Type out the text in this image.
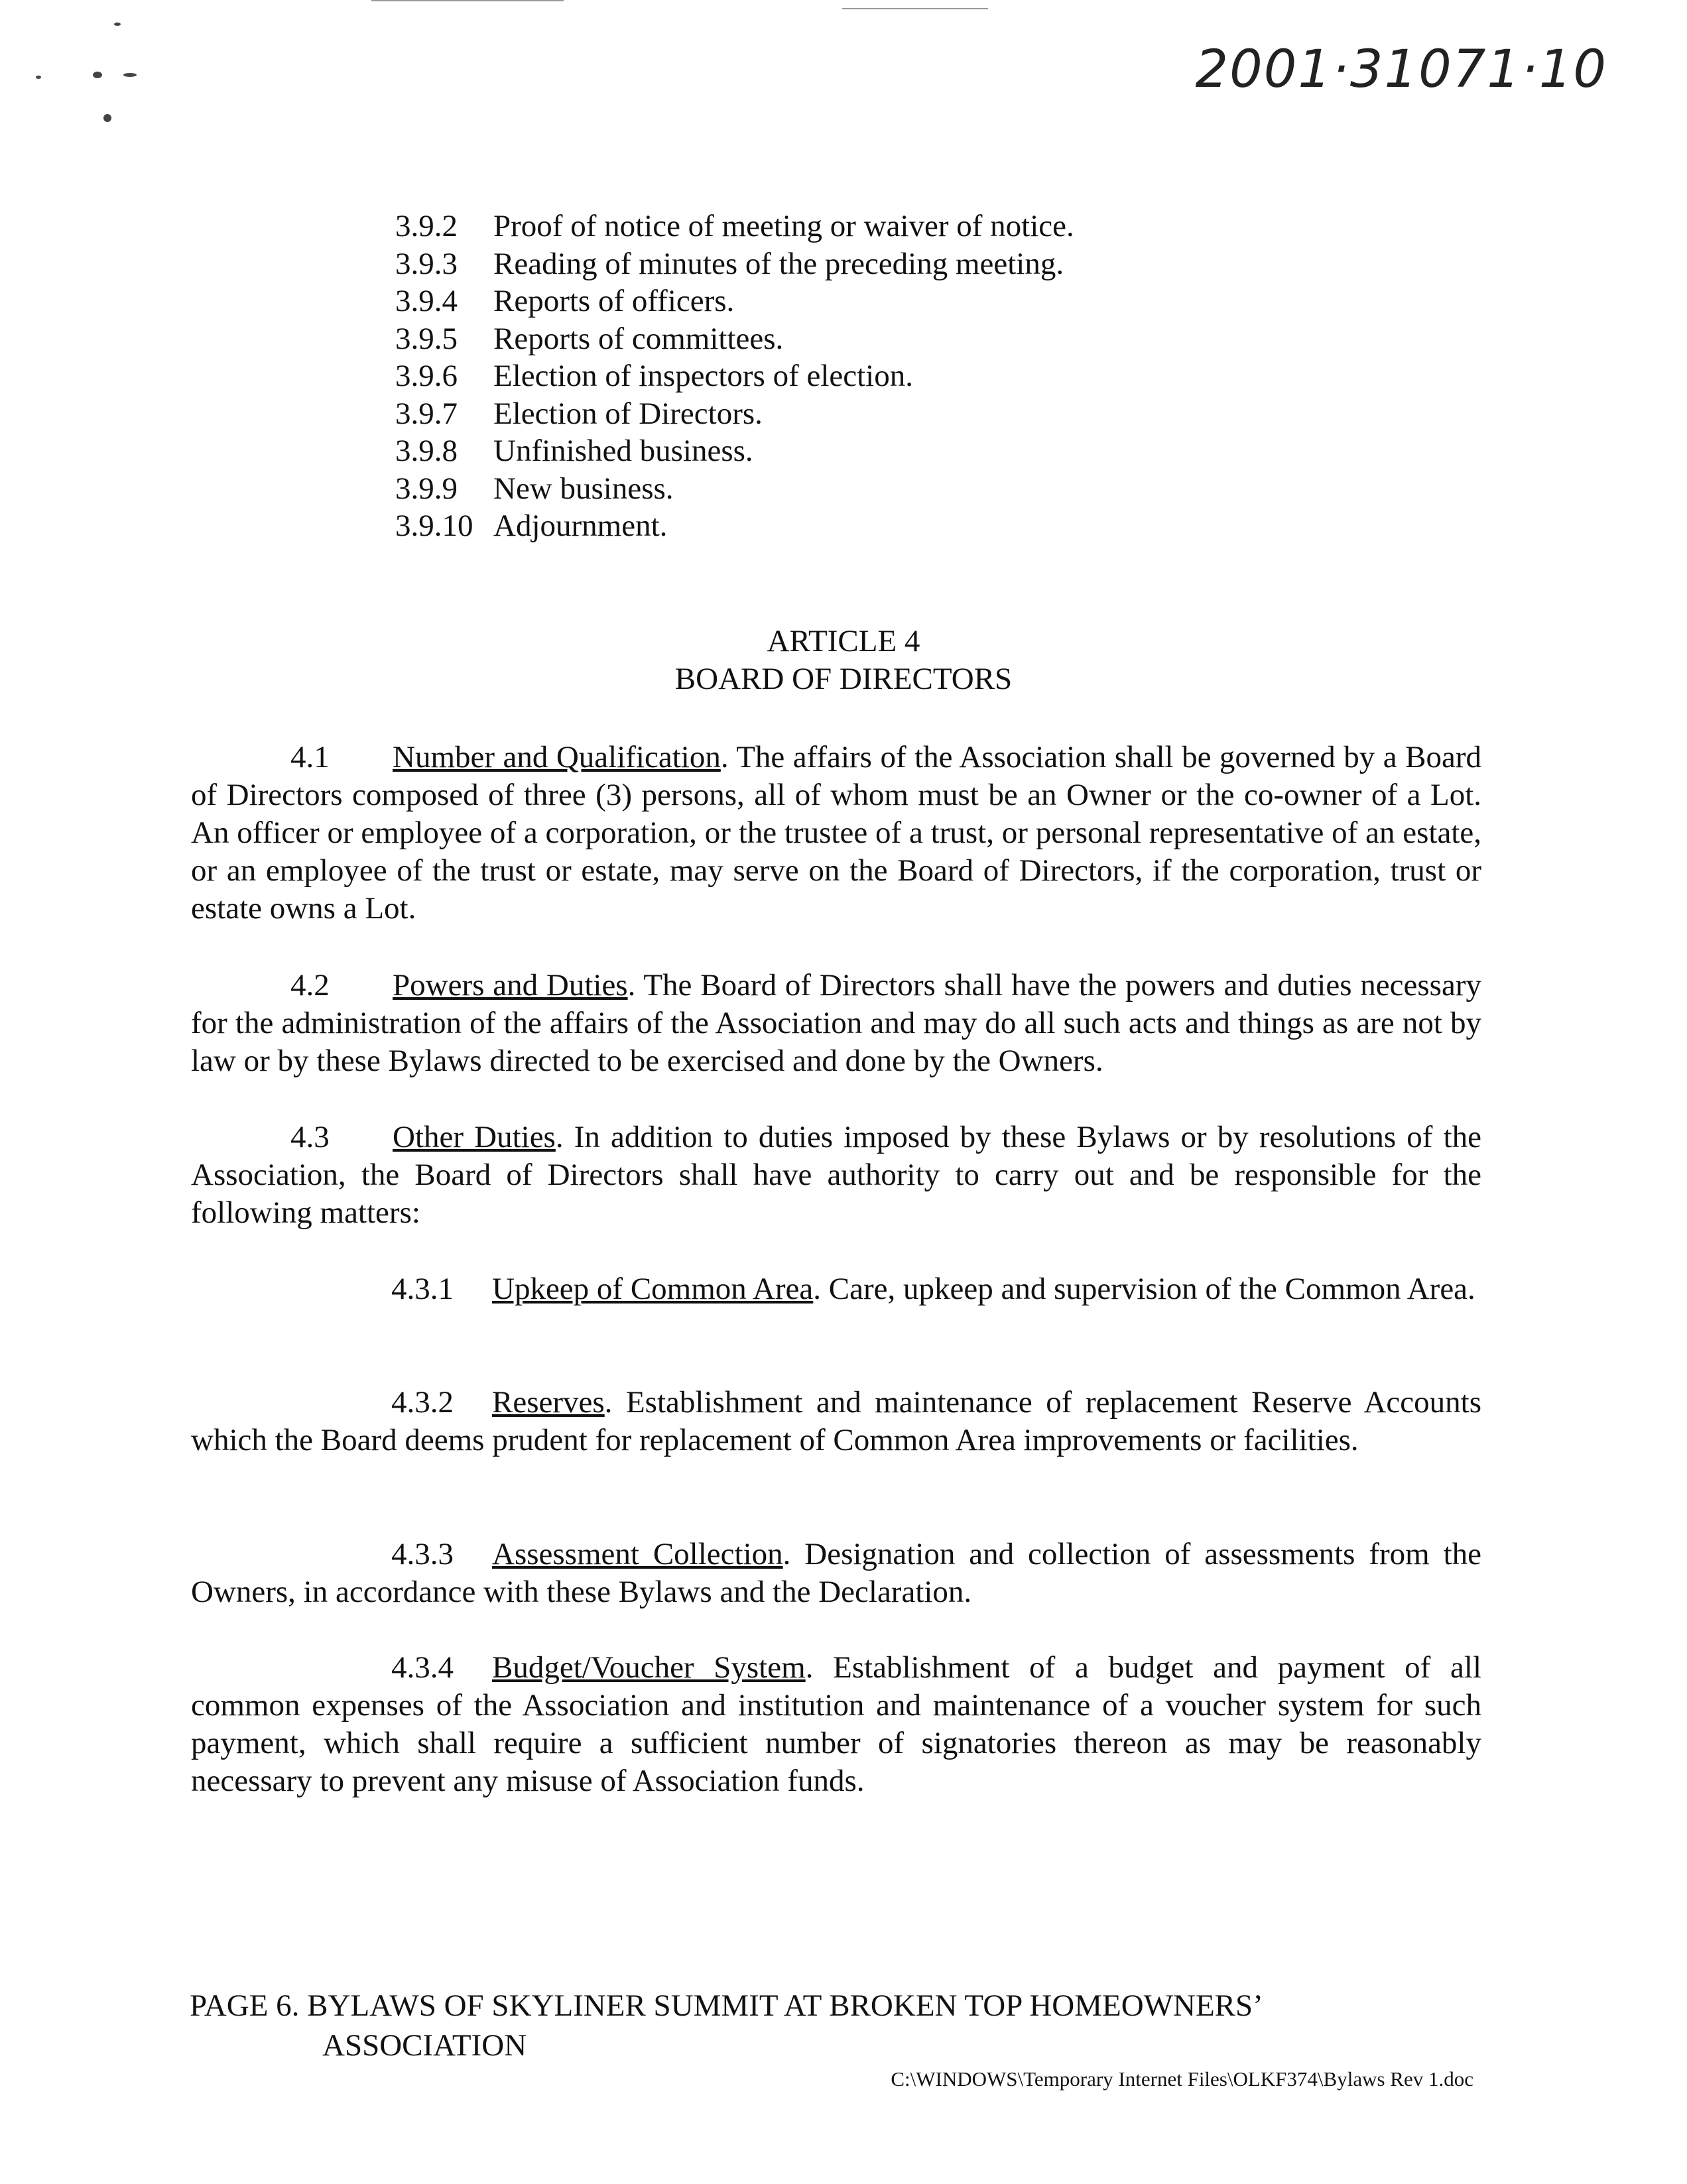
2001·31071·10
3.9.2	Proof of notice of meeting or waiver of notice.
3.9.3	Reading of minutes of the preceding meeting.
3.9.4	Reports of officers.
3.9.5	Reports of committees.
3.9.6	Election of inspectors of election.
3.9.7	Election of Directors.
3.9.8	Unfinished business.
3.9.9	New business.
3.9.10 Adjournment.
ARTICLE 4
BOARD OF DIRECTORS
4.1 Number and Qualification. The affairs of the Association shall be governed by a Board of Directors composed of three (3) persons, all of whom must be an Owner or the co-owner of a Lot. An officer or employee of a corporation, or the trustee of a trust, or personal representative of an estate, or an employee of the trust or estate, may serve on the Board of Directors, if the corporation, trust or estate owns a Lot.
4.2 Powers and Duties. The Board of Directors shall have the powers and duties necessary for the administration of the affairs of the Association and may do all such acts and things as are not by law or by these Bylaws directed to be exercised and done by the Owners.
4.3 Other Duties. In addition to duties imposed by these Bylaws or by resolutions of the Association, the Board of Directors shall have authority to carry out and be responsible for the following matters:
4.3.1 Upkeep of Common Area. Care, upkeep and supervision of the Common Area.
4.3.2 Reserves. Establishment and maintenance of replacement Reserve Accounts which the Board deems prudent for replacement of Common Area improvements or facilities.
4.3.3 Assessment Collection. Designation and collection of assessments from the Owners, in accordance with these Bylaws and the Declaration.
4.3.4 Budget/Voucher System. Establishment of a budget and payment of all common expenses of the Association and institution and maintenance of a voucher system for such payment, which shall require a sufficient number of signatories thereon as may be reasonably necessary to prevent any misuse of Association funds.
PAGE 6. BYLAWS OF SKYLINER SUMMIT AT BROKEN TOP HOMEOWNERS’
ASSOCIATION
C:\WINDOWS\Temporary Internet Files\OLKF374\Bylaws Rev 1.doc
